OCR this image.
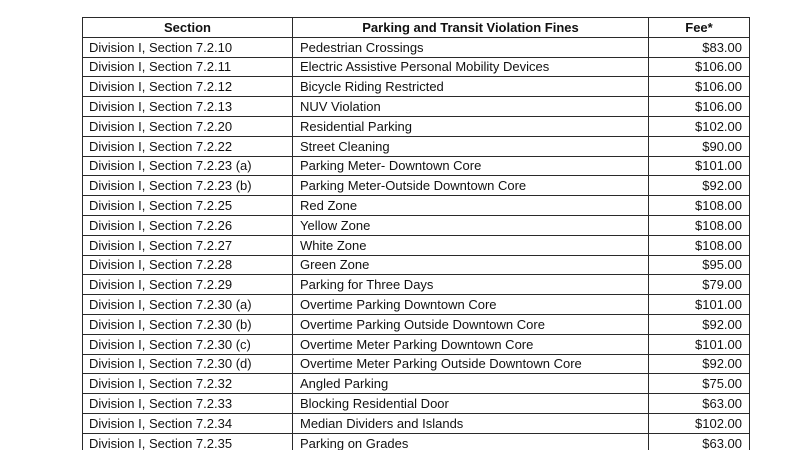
Section	Parking and Transit Violation Fines	Fee*
Division I, Section 7.2.10	Pedestrian Crossings	$83.00
Division I, Section 7.2.11	Electric Assistive Personal Mobility Devices	$106.00
Division I, Section 7.2.12	Bicycle Riding Restricted	$106.00
Division I, Section 7.2.13	NUV Violation	$106.00
Division I, Section 7.2.20	Residential Parking	$102.00
Division I, Section 7.2.22	Street Cleaning	$90.00
Division I, Section 7.2.23 (a)	Parking Meter- Downtown Core	$101.00
Division I, Section 7.2.23 (b)	Parking Meter-Outside Downtown Core	$92.00
Division I, Section 7.2.25	Red Zone	$108.00
Division I, Section 7.2.26	Yellow Zone	$108.00
Division I, Section 7.2.27	White Zone	$108.00
Division I, Section 7.2.28	Green Zone	$95.00
Division I, Section 7.2.29	Parking for Three Days	$79.00
Division I, Section 7.2.30 (a)	Overtime Parking Downtown Core	$101.00
Division I, Section 7.2.30 (b)	Overtime Parking Outside Downtown Core	$92.00
Division I, Section 7.2.30 (c)	Overtime Meter Parking Downtown Core	$101.00
Division I, Section 7.2.30 (d)	Overtime Meter Parking Outside Downtown Core	$92.00
Division I, Section 7.2.32	Angled Parking	$75.00
Division I, Section 7.2.33	Blocking Residential Door	$63.00
Division I, Section 7.2.34	Median Dividers and Islands	$102.00
Division I, Section 7.2.35	Parking on Grades	$63.00
